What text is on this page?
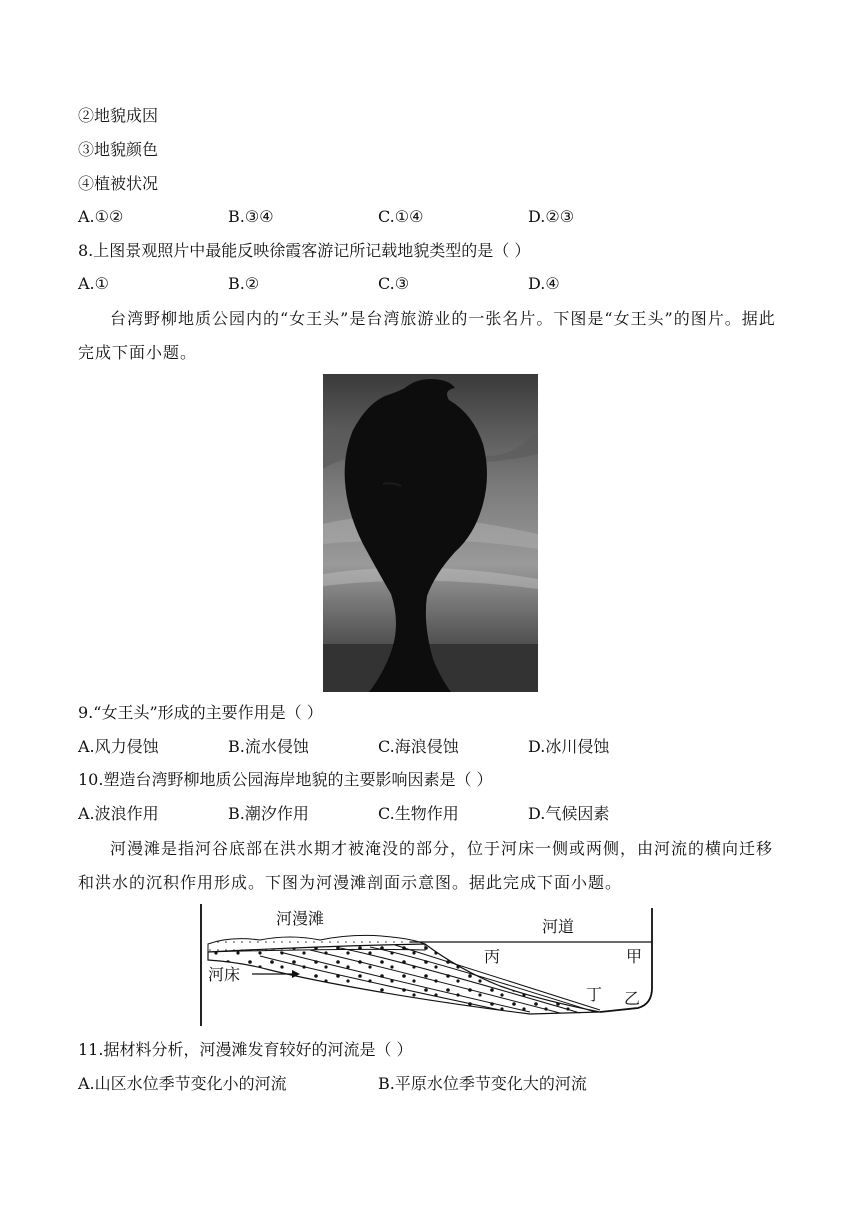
②地貌成因
③地貌颜色
④植被状况
A.①②	B.③④	C.①④	D.②③
8.上图景观照片中最能反映徐霞客游记所记载地貌类型的是（ ）
A.①	B.②	C.③	D.④
台湾野柳地质公园内的“女王头”是台湾旅游业的一张名片。下图是“女王头”的图片。据此完成下面小题。
9.“女王头”形成的主要作用是（ ）
A.风力侵蚀	B.流水侵蚀	C.海浪侵蚀	D.冰川侵蚀
10.塑造台湾野柳地质公园海岸地貌的主要影响因素是（ ）
A.波浪作用	B.潮汐作用	C.生物作用	D.气候因素
河漫滩是指河谷底部在洪水期才被淹没的部分，位于河床一侧或两侧，由河流的横向迁移和洪水的沉积作用形成。下图为河漫滩剖面示意图。据此完成下面小题。
河漫滩	河道
河床
丙	甲
丁 乙
11.据材料分析，河漫滩发育较好的河流是（ ）
A.山区水位季节变化小的河流	B.平原水位季节变化大的河流
